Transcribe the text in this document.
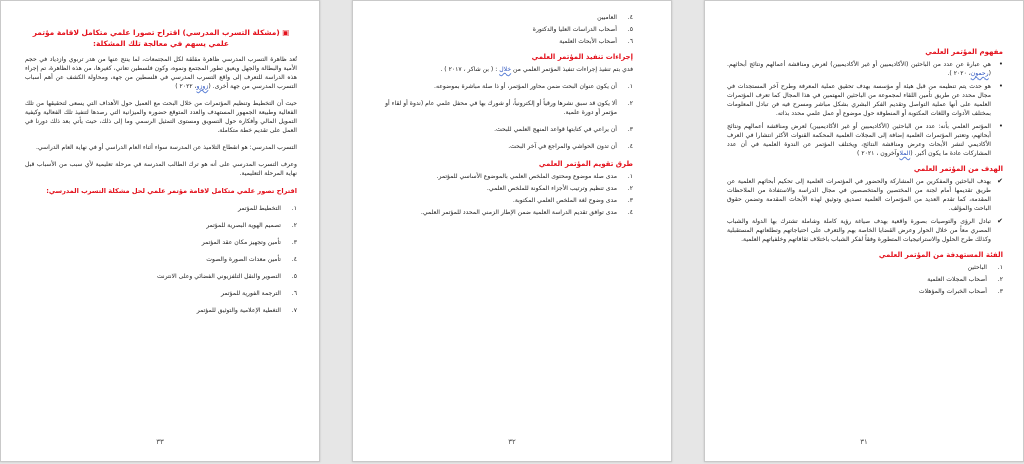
▣ (مشكلة التسرب المدرسي) اقتراح تصورا علمي متكامل لاقامة مؤتمر علمي يسهم في معالجة تلك المشكلة:

تُعد ظاهرة التسرب المدرسي ظاهرة مقلقة لكل المجتمعات، لما ينتج عنها من هدر تربوي وازدياد في حجم الأمية والبطالة والجهل ويعيق تطور المجتمع ونموه، وكون فلسطين تعاني، كغيرها، من هذه الظاهرة، تم إجراء هذه الدراسة للتعرف إلى واقع التسرب المدرسي في فلسطين من جهة، ومحاولة الكشف عن أهم أسباب التسرب المدرسي من جهة أخرى. (زوزو، ٢٠٢٢ )

حيث أن التخطيط وتنظيم المؤتمرات من خلال البحث مع العميل حول الأهداف التي يسعى لتحقيقها من تلك الفعالية وطبيعة الجمهور المستهدف والعدد المتوقع حضوره والميزانية التي رصدها لتنفيذ تلك الفعالية وكيفية التمويل المالي وأفكاره حول التسويق ومستوى التمثيل الرسمي وما إلى ذلك، حيث يأتي بعد ذلك دورنا في العمل على تقديم خطة متكاملة.

التسرب المدرسي: هو انقطاع التلاميذ عن المدرسة سواء أثناء العام الدراسي أو في نهاية العام الدراسي.

وعرف التسرب المدرسي على أنه هو ترك الطالب المدرسة في مرحلة تعليمية لأي سبب من الأسباب قبل نهاية المرحلة التعليمية.

اقتراح تصور علمي متكامل لاقامة مؤتمر علمي لحل مشكلة التسرب المدرسي:
١.
التخطيط للمؤتمر
٢.
تصميم الهوية البصرية للمؤتمر
٣.
تأمين وتجهيز مكان عقد المؤتمر
٤.
تأمين معدات الصورة والصوت
٥.
التصوير والنقل التلفزيوني الفضائي وعلى الانترنت
٦.
الترجمة الفورية للمؤتمر
٧.
التغطية الإعلامية والتوثيق للمؤتمر
٣٣
٤.
العاميين
٥.
أصحاب الدراسات العليا والدكتورة
٦.
أصحاب الأبحاث العلمية
إجراءات تنفيذ المؤتمر العلمي

فدي بتم تنفيذ إجراءات تنفيذ المؤتمر العلمي من خلال : ( بن شاكر ، ٢٠١٧ ) .

١.
أن يكون عنوان البحث ضمن محاور المؤتمر، أو ذا صلة مباشرة بموضوعه.
٢.
ألا يكون قد سبق نشرها ورقياً أو إلكترونياً، أو شورك بها في محفل علمي عام (ندوة أو لقاء أو مؤتمر أو دورة علمية.
٣.
أن يراعي في كتابتها قواعد المنهج العلمي للبحث.
٤.
أن تدون الحواشي والمراجع في آخر البحث.
طرق تقويم المؤتمر العلمي
١.
مدى صلة موضوع ومحتوى الملخص العلمي بالموضوع الأساسي للمؤتمر.
٢.
مدى تنظيم وترتيب الأجزاء المكونة للملخص العلمي.
٣.
مدى وضوح لغة الملخص العلمي المكتوبة.
٤.
مدى توافق تقديم الدراسة العلمية ضمن الإطار الزمني المحدد للمؤتمر العلمي.
٣٢
مفهوم المؤتمر العلمي
•
هي عبارة عن عدد من الباحثين (الأكاديميين أو غير الأكاديميين) لعرض ومناقشة أعمالهم ونتائج أبحاثهم. (رحمون، ٢٠٢٠ ).
•
هو حدث يتم تنظيمه من قبل هيئة أو مؤسسة بهدف تحقيق عملية المعرفة وطرح آخر المستجدات في مجال محدد عن طريق تأمين اللقاء لمجموعة من الباحثين المهتمين في هذا المجال كما تعرف المؤتمرات العلمية على أنها عملية التواصل وتقديم الفكر البشري بشكل مباشر ومسرح فيه فن تبادل المعلومات بمختلف الأدوات واللغات المكتوبة أو المنطوقة حول موضوع أو عمل علمي محدد بذاته.
•
المؤتمر العلمي بأنه: عدد من الباحثين (الأكاديميين أو غير الأكاديميين) لعرض ومناقشة أعمالهم ونتائج أبحاثهم، وتعتبر المؤتمرات العلمية إضافة إلى المجلات العلمية المحكمة القنوات الأكثر انتشارا في العرف الأكاديمي لنشر الأبحاث وعرض ومناقشة النتائج، ويختلف المؤتمر عن الندوة العلمية في أن عدد المشاركات عادة ما يكون أكبر. (الملاوآخرون ، ٢٠٢١ )
الهدف من المؤتمر العلمي
✔
يهدف الباحثين والمفكرين من المشاركة والحضور في المؤتمرات العلمية إلى تحكيم أبحاثهم العلمية عن طريق تقديمها أمام لجنة من المختصين والمتخصصين في مجال الدراسة والاستفادة من الملاحظات المقدمة، كما تقدم العديد من المؤتمرات العلمية تصديق وتوثيق لهذه الأبحاث المقدمة وتضمن حقوق الباحث والمؤلف.
✔
تبادل الرؤى والتوصيات بصورة واقعية بهدف صياغة رؤية كاملة وشاملة تشترك بها الدولة والشباب المصري معاً من خلال الحوار وعرض القضايا الخاصة بهم والتعرف على احتياجاتهم وتطلعاتهم المستقبلية وكذلك طرح الحلول والاستراتيجيات المتطورة وفقاً لفكر الشباب باختلاف ثقافاتهم وخلفياتهم العلمية.
الفئة المستهدفة من المؤتمر العلمي
١.
الباحثين
٢.
أصحاب المجلات العلمية
٣.
أصحاب الخبرات والمؤهلات
٣١
